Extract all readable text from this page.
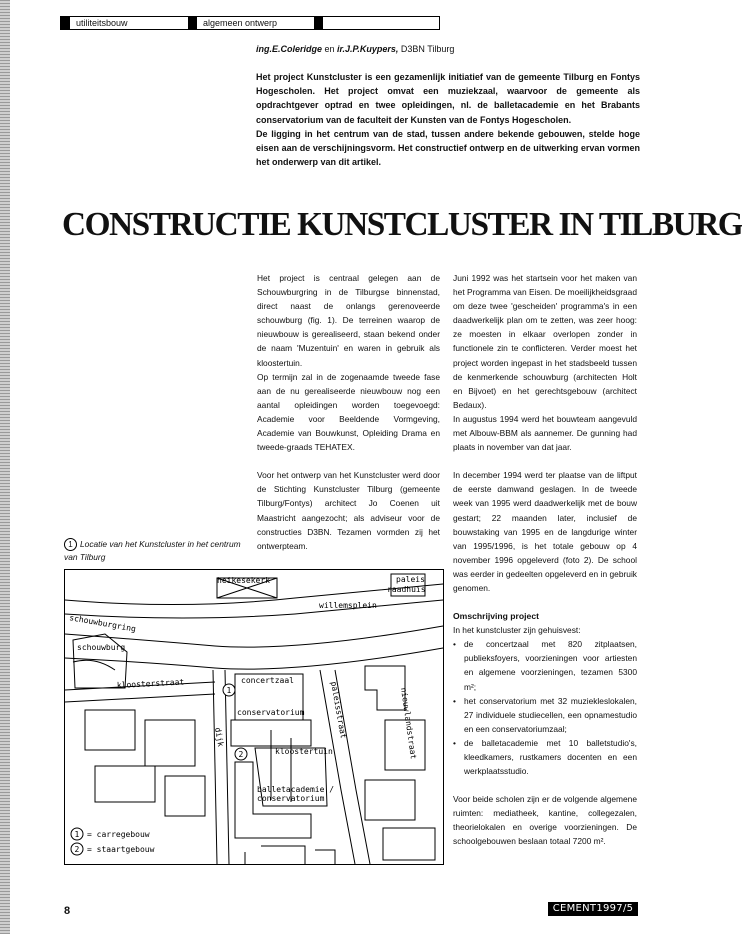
utiliteitsbouw	algemeen ontwerp
ing.E.Coleridge en ir.J.P.Kuypers, D3BN Tilburg

Het project Kunstcluster is een gezamenlijk initiatief van de gemeente Tilburg en Fontys Hogescholen. Het project omvat een muziekzaal, waarvoor de gemeente als opdrachtgever optrad en twee opleidingen, nl. de balletacademie en het Brabants conservatorium van de faculteit der Kunsten van de Fontys Hogescholen.

De ligging in het centrum van de stad, tussen andere bekende gebouwen, stelde hoge eisen aan de verschijningsvorm. Het constructief ontwerp en de uitwerking ervan vormen het onderwerp van dit artikel.

CONSTRUCTIE KUNSTCLUSTER IN TILBURG

Het project is centraal gelegen aan de Schouwburgring in de Tilburgse binnenstad, direct naast de onlangs gerenoveerde schouwburg (fig. 1). De terreinen waarop de nieuwbouw is gerealiseerd, staan bekend onder de naam 'Muzentuin' en waren in gebruik als kloostertuin.

Op termijn zal in de zogenaamde tweede fase aan de nu gerealiseerde nieuwbouw nog een aantal opleidingen worden toegevoegd: Academie voor Beeldende Vormgeving, Academie van Bouwkunst, Opleiding Drama en tweede-graads TEHATEX.

Voor het ontwerp van het Kunstcluster werd door de Stichting Kunstcluster Tilburg (gemeente Tilburg/Fontys) architect Jo Coenen uit Maastricht aangezocht; als adviseur voor de constructies D3BN. Tezamen vormden zij het ontwerpteam.

Juni 1992 was het startsein voor het maken van het Programma van Eisen. De moeilijkheidsgraad om deze twee 'gescheiden' programma's in een daadwerkelijk plan om te zetten, was zeer hoog: ze moesten in elkaar overlopen zonder in functionele zin te conflicteren. Verder moest het project worden ingepast in het stadsbeeld tussen de kenmerkende schouwburg (architecten Holt en Bijvoet) en het gerechtsgebouw (architect Bedaux).

In augustus 1994 werd het bouwteam aangevuld met Albouw-BBM als aannemer. De gunning had plaats in november van dat jaar.

In december 1994 werd ter plaatse van de liftput de eerste damwand geslagen. In de tweede week van 1995 werd daadwerkelijk met de bouw gestart; 22 maanden later, inclusief de bouwstaking van 1995 en de langdurige winter van 1995/1996, is het totale gebouw op 4 november 1996 opgeleverd (foto 2). De school was eerder in gedeelten opgeleverd en in gebruik genomen.

Omschrijving project

In het kunstcluster zijn gehuisvest:

• de concertzaal met 820 zitplaatsen, publieksfoyers, voorzieningen voor artiesten en algemene voorzieningen, tezamen 5300 m²;
• het conservatorium met 32 muziekleslokalen, 27 individuele studiecellen, een opnamestudio en een conservatoriumzaal;
• de balletacademie met 10 balletstudio's, kleedkamers, rustkamers docenten en een werkplaatsstudio.

Voor beide scholen zijn er de volgende algemene ruimten: mediatheek, kantine, collegezalen, theorielokalen en overige voorzieningen. De schoolgebouwen beslaan totaal 7200 m².

1 Locatie van het Kunstcluster in het centrum van Tilburg
1
2
heikesekerk	paleis
raadhuis
willemsplein
schouwburgring
schouwburg
kloosterstraat	concertzaal
conservatorium	paleisstraat
kloostertuin
dijk
balletacademie /
conservatorium
nieuwlandstraat
1 = carregebouw
2 = staartgebouw
8	CEMENT1997/5
